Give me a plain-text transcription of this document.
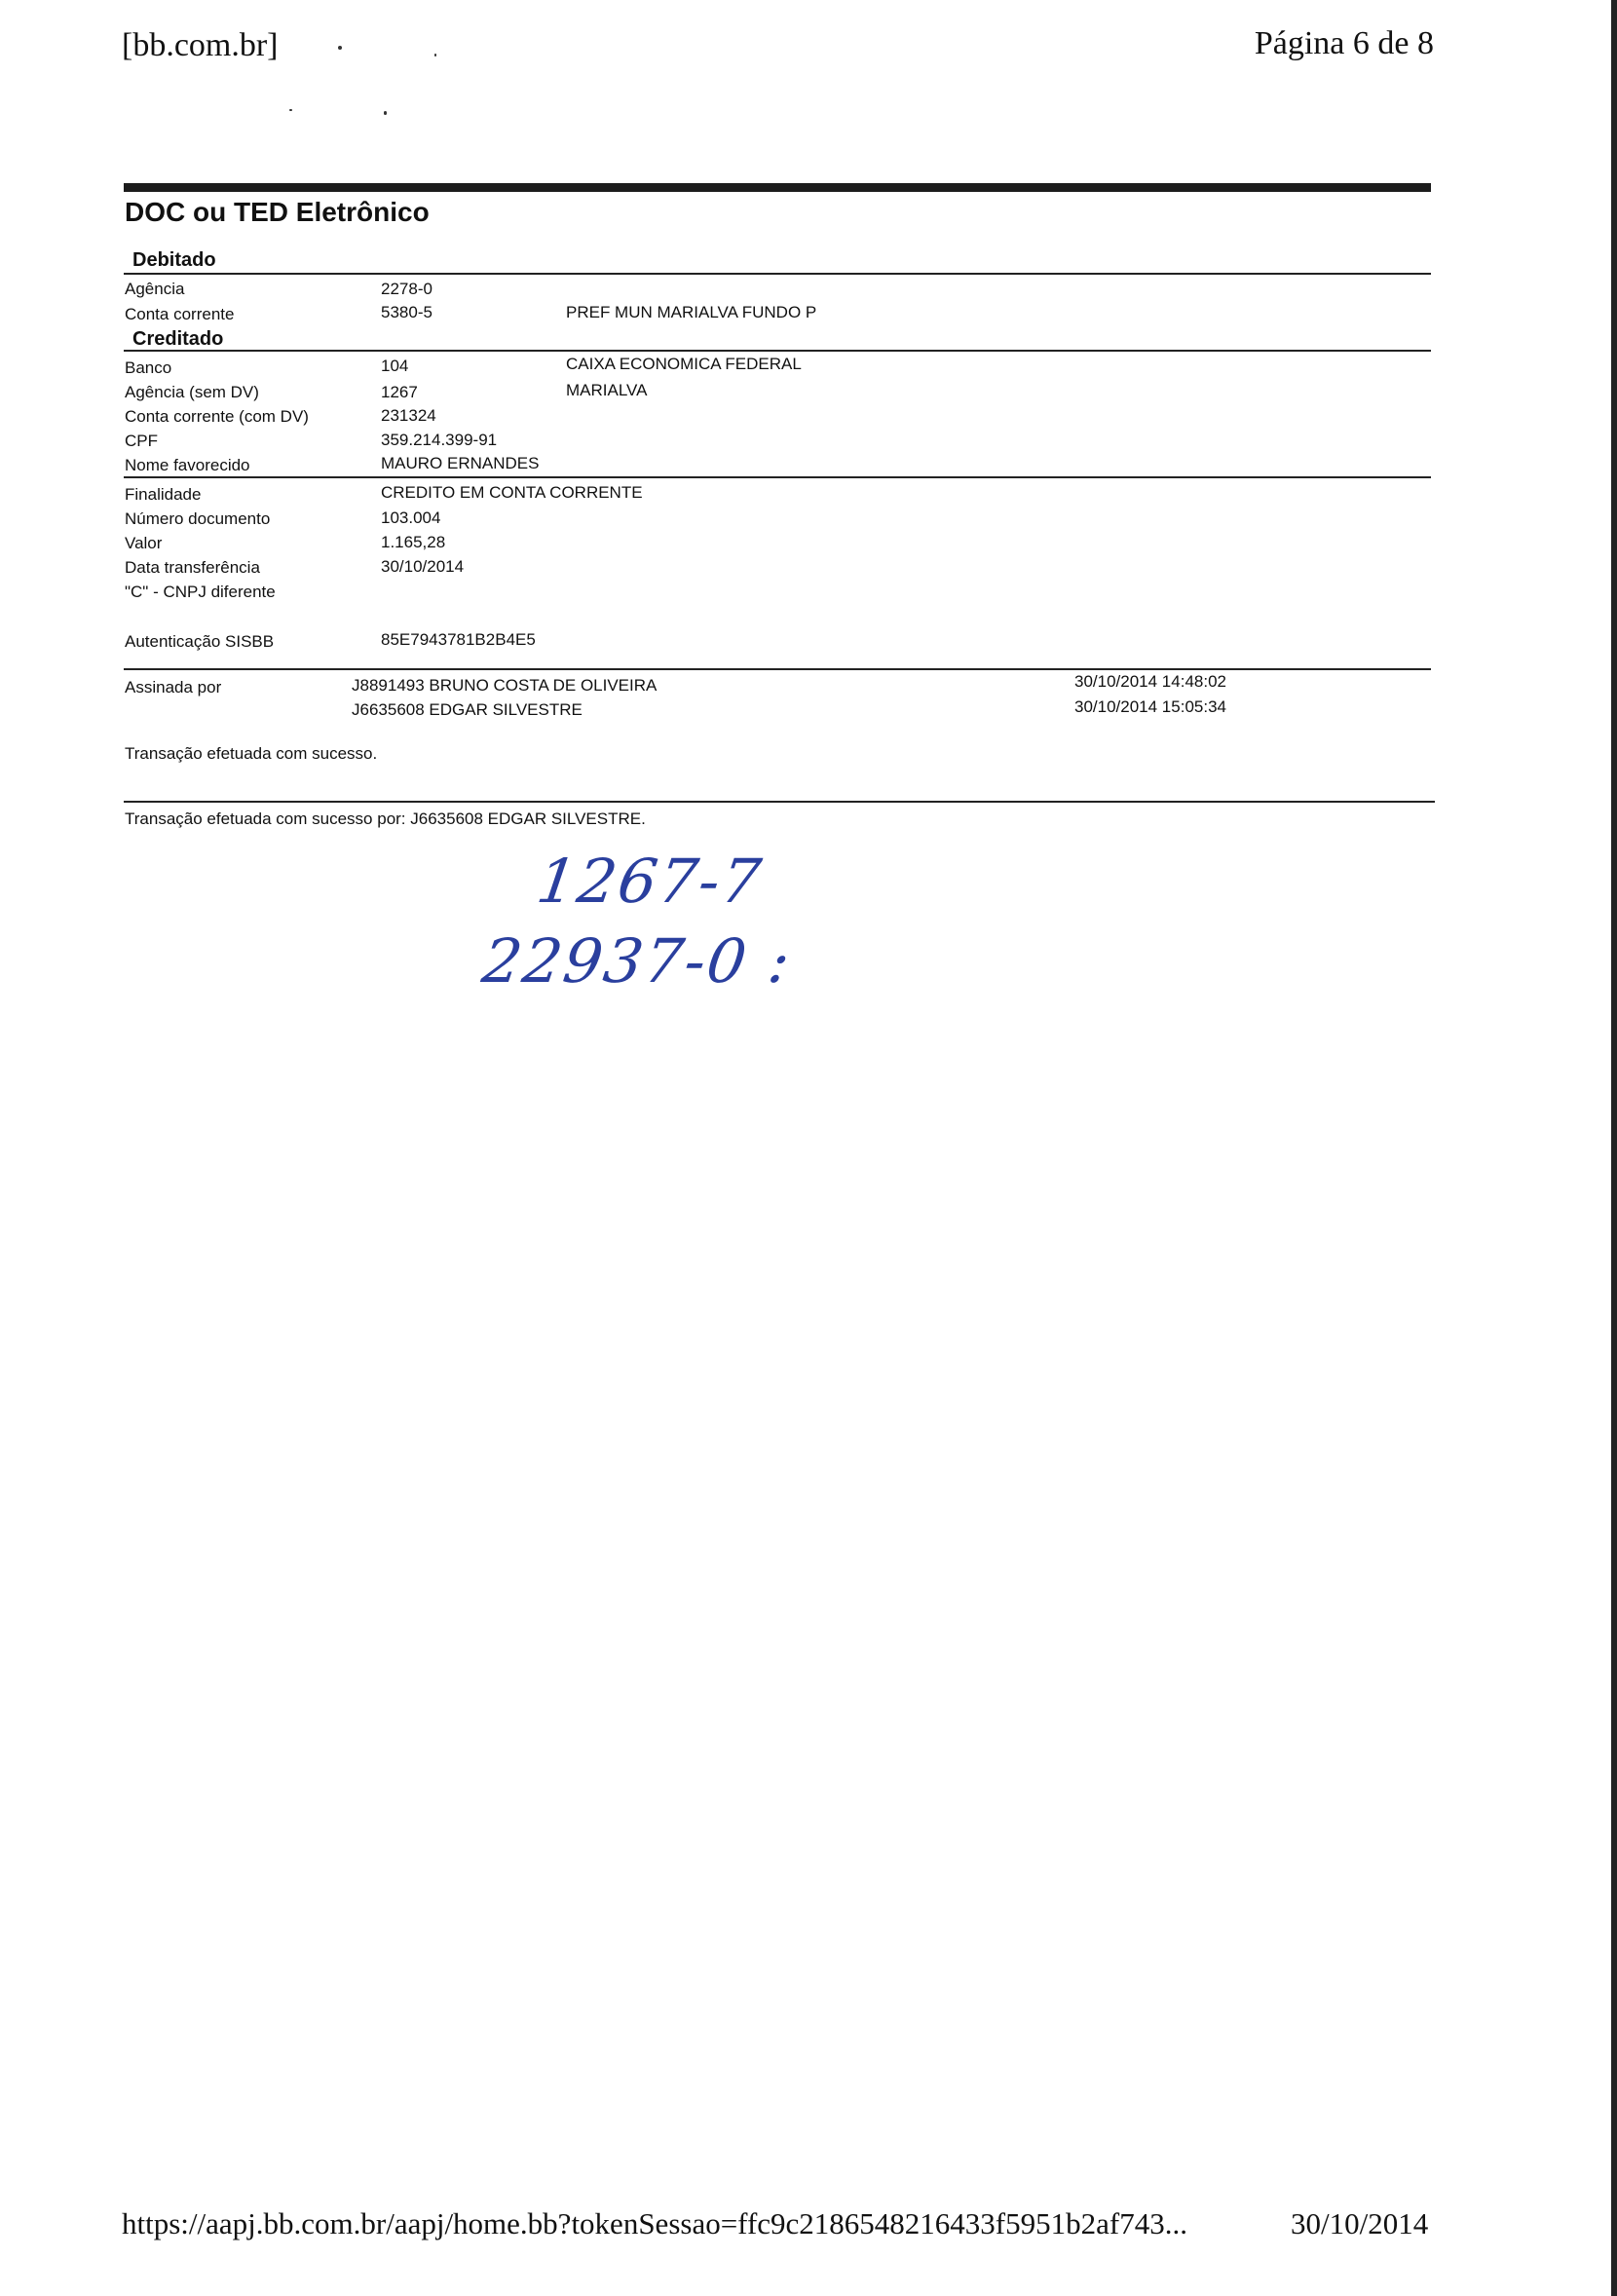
[bb.com.br]	Página 6 de 8
DOC ou TED Eletrônico
Debitado
Agência	2278-0
Conta corrente	5380-5	PREF MUN MARIALVA FUNDO P
Creditado
Banco	104	CAIXA ECONOMICA FEDERAL
Agência (sem DV)	1267	MARIALVA
Conta corrente (com DV)	231324
CPF	359.214.399-91
Nome favorecido	MAURO ERNANDES
Finalidade	CREDITO EM CONTA CORRENTE
Número documento	103.004
Valor	1.165,28
Data transferência	30/10/2014
"C" - CNPJ diferente
Autenticação SISBB	85E7943781B2B4E5
Assinada por	J8891493 BRUNO COSTA DE OLIVEIRA	30/10/2014 14:48:02
J6635608 EDGAR SILVESTRE	30/10/2014 15:05:34
Transação efetuada com sucesso.
Transação efetuada com sucesso por: J6635608 EDGAR SILVESTRE.
1267-7
22937-0 :
https://aapj.bb.com.br/aapj/home.bb?tokenSessao=ffc9c2186548216433f5951b2af743...	30/10/2014
